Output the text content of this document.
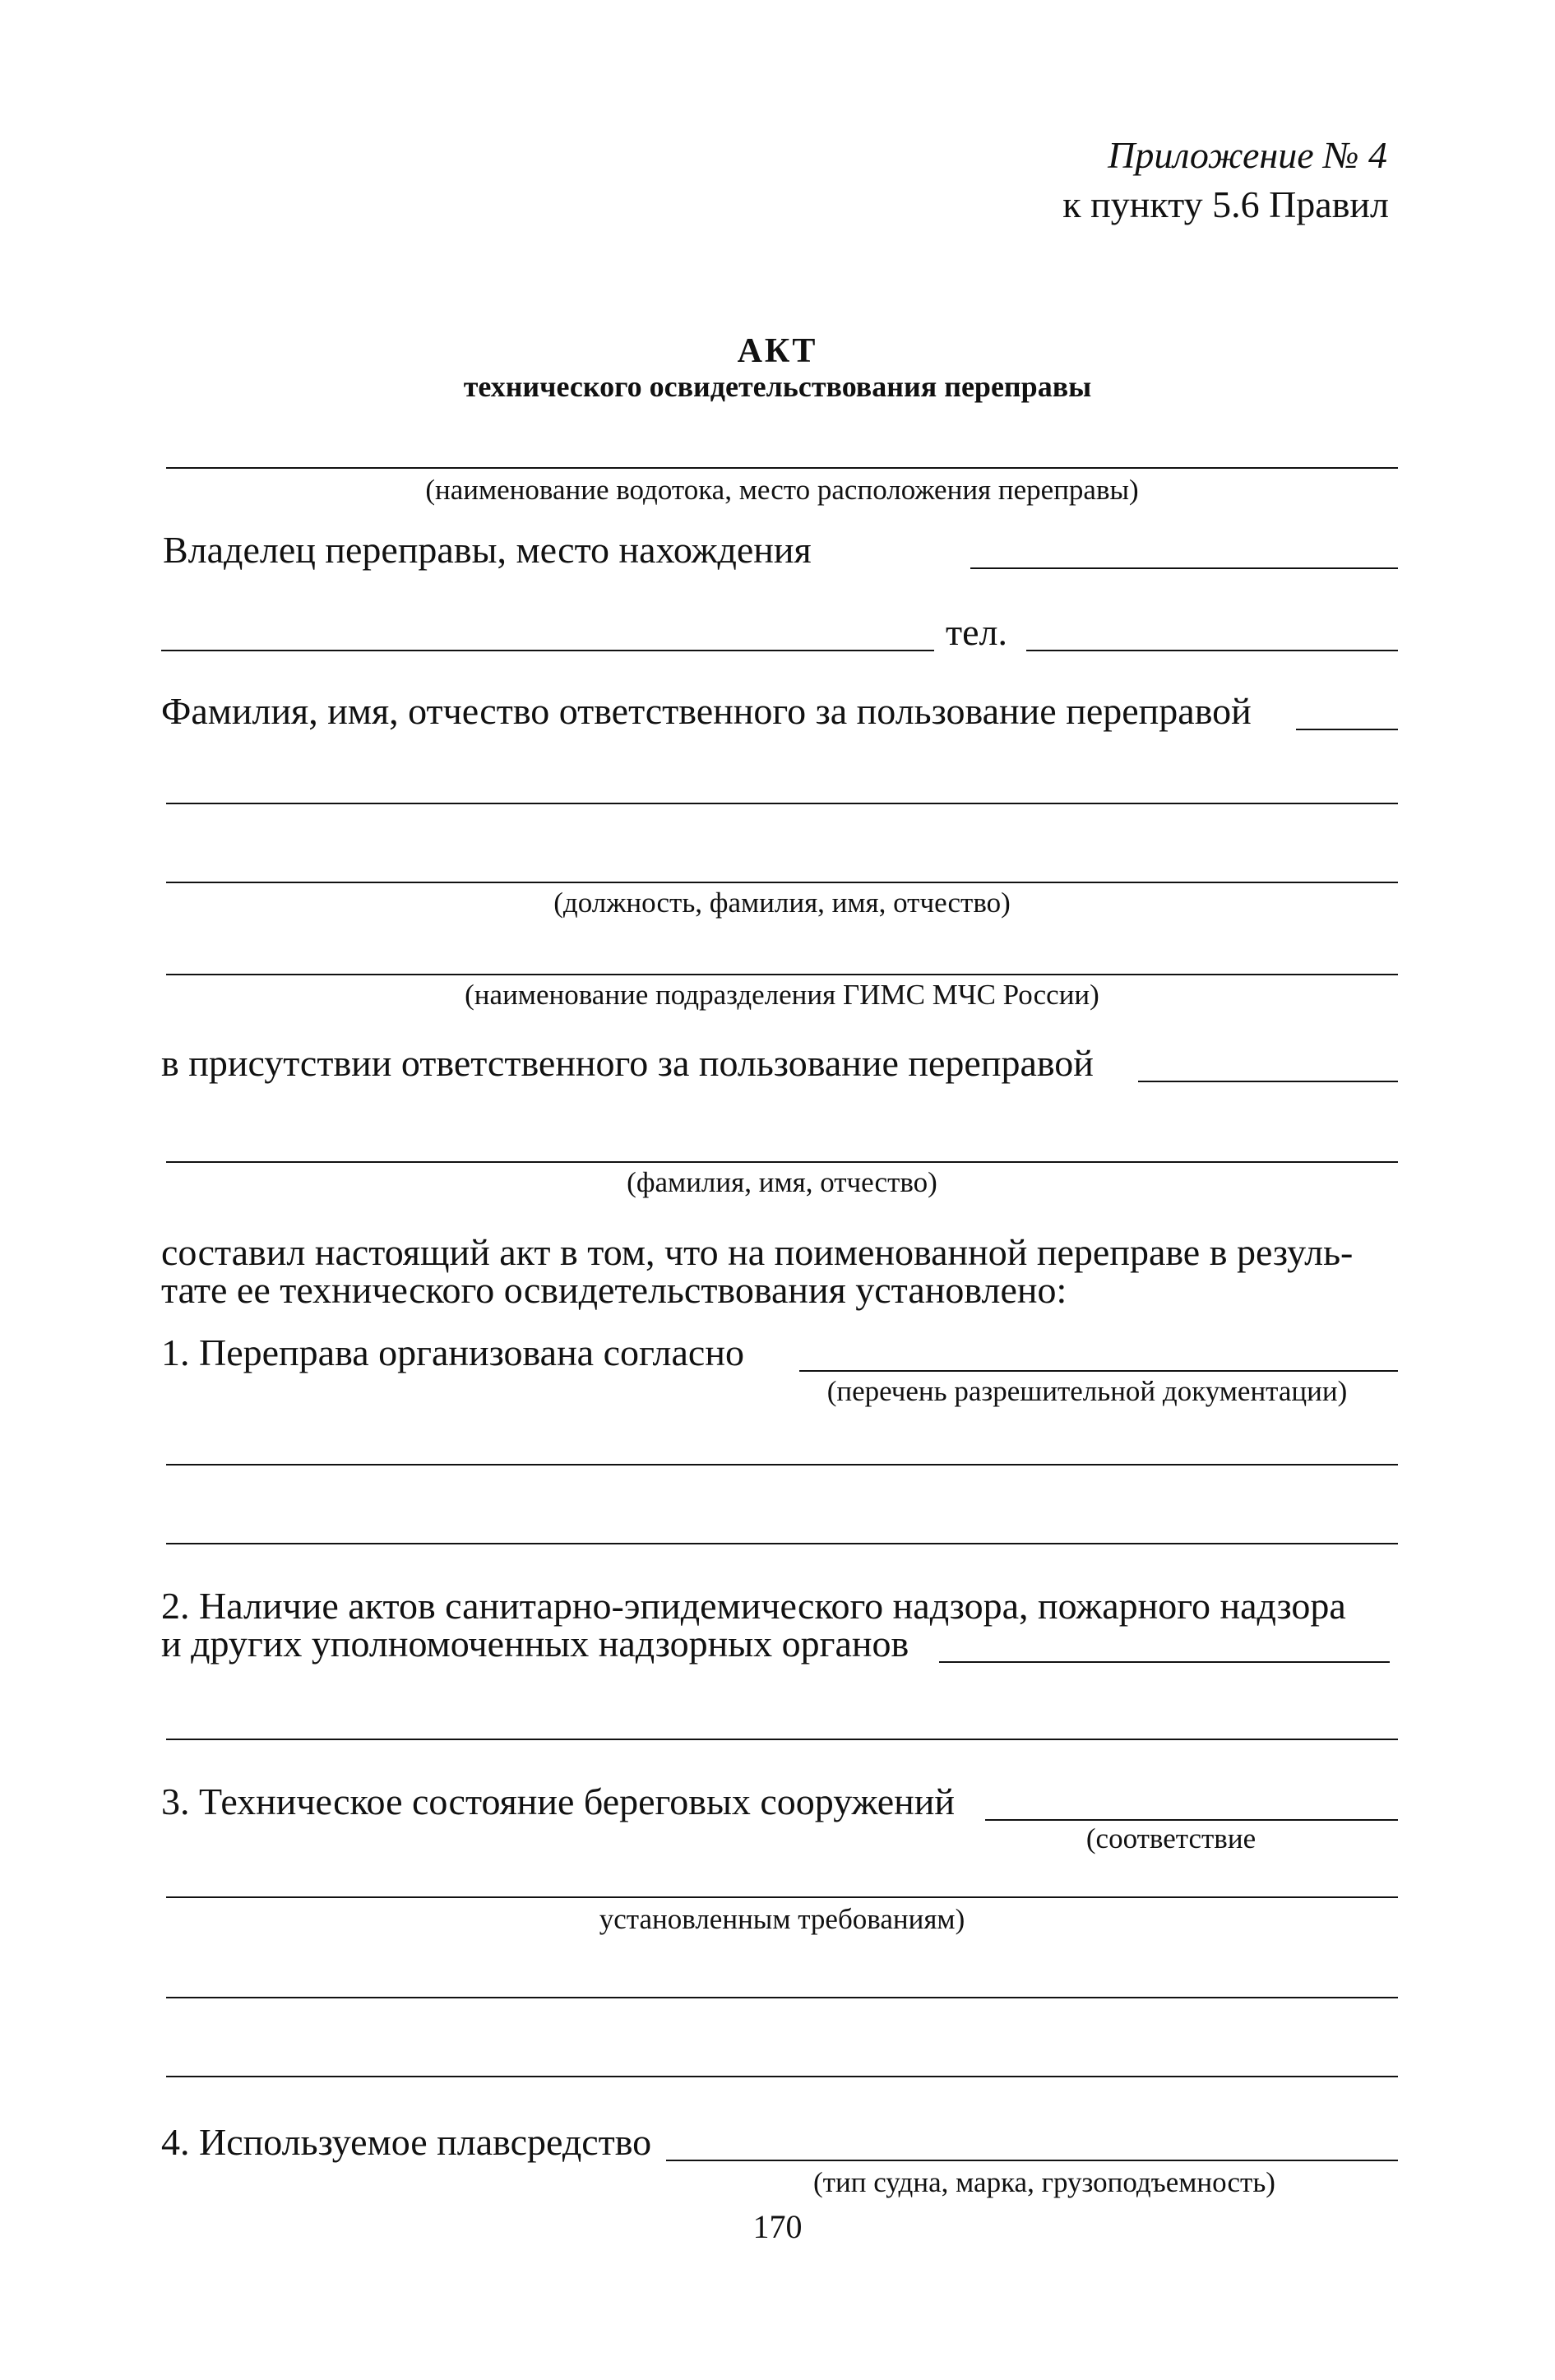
Приложение № 4
к пункту 5.6 Правил
АКТ
технического освидетельствования переправы
(наименование водотока, место расположения переправы)
Владелец переправы, место нахождения
тел.
Фамилия, имя, отчество ответственного за пользование переправой
(должность, фамилия, имя, отчество)
(наименование подразделения ГИМС МЧС России)
в присутствии ответственного за пользование переправой
(фамилия, имя, отчество)
составил настоящий акт в том, что на поименованной переправе в резуль-
тате ее технического освидетельствования установлено:
1. Переправа организована согласно
(перечень разрешительной документации)
2. Наличие актов санитарно-эпидемического надзора, пожарного надзора
и других уполномоченных надзорных органов
3. Техническое состояние береговых сооружений
(соответствие
установленным требованиям)
4. Используемое плавсредство
(тип судна, марка, грузоподъемность)
170
